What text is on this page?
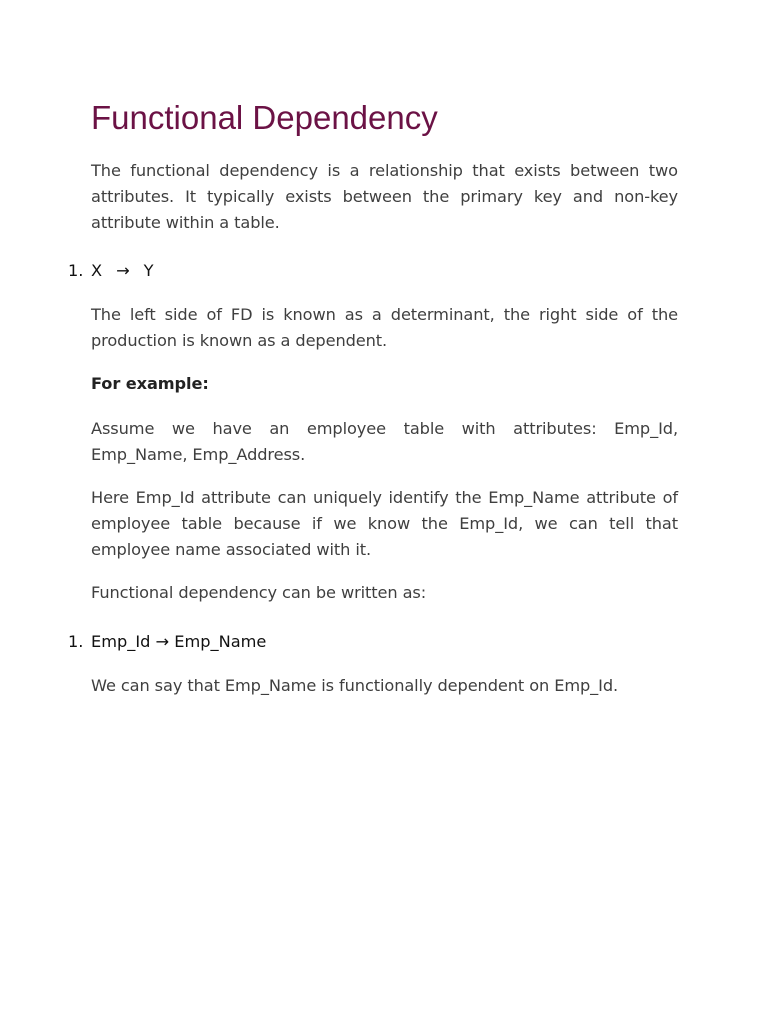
Functional Dependency

The functional dependency is a relationship that exists between two attributes. It typically exists between the primary key and non-key attribute within a table.

1. X → Y

The left side of FD is known as a determinant, the right side of the production is known as a dependent.

For example:

Assume we have an employee table with attributes: Emp_Id, Emp_Name, Emp_Address.

Here Emp_Id attribute can uniquely identify the Emp_Name attribute of employee table because if we know the Emp_Id, we can tell that employee name associated with it.

Functional dependency can be written as:

1. Emp_Id → Emp_Name

We can say that Emp_Name is functionally dependent on Emp_Id.
